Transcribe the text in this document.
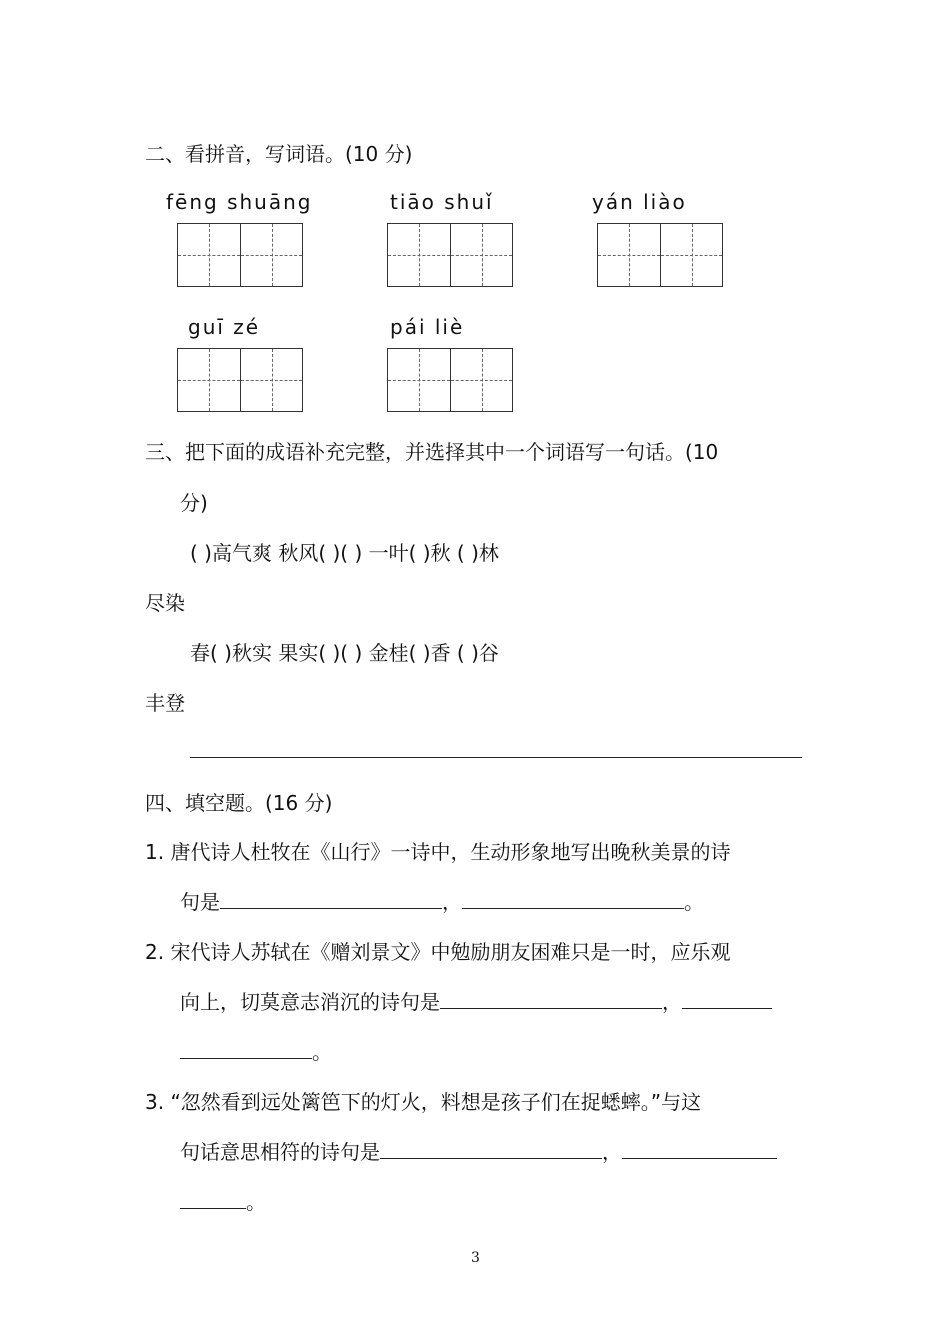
二、看拼音，写词语。(10 分)
fēng shuāng	tiāo shuǐ	yán liào
guī zé	pái liè
三、把下面的成语补充完整，并选择其中一个词语写一句话。(10
分)
( )高气爽 秋风( )( ) 一叶( )秋 ( )林
尽染
春( )秋实 果实( )( ) 金桂( )香 ( )谷
丰登
四、填空题。(16 分)
1. 唐代诗人杜牧在《山行》一诗中，生动形象地写出晚秋美景的诗
句是	，	。
2. 宋代诗人苏轼在《赠刘景文》中勉励朋友困难只是一时，应乐观
向上，切莫意志消沉的诗句是	，
。
3. “忽然看到远处篱笆下的灯火，料想是孩子们在捉蟋蟀。”与这
句话意思相符的诗句是	，
。
3
